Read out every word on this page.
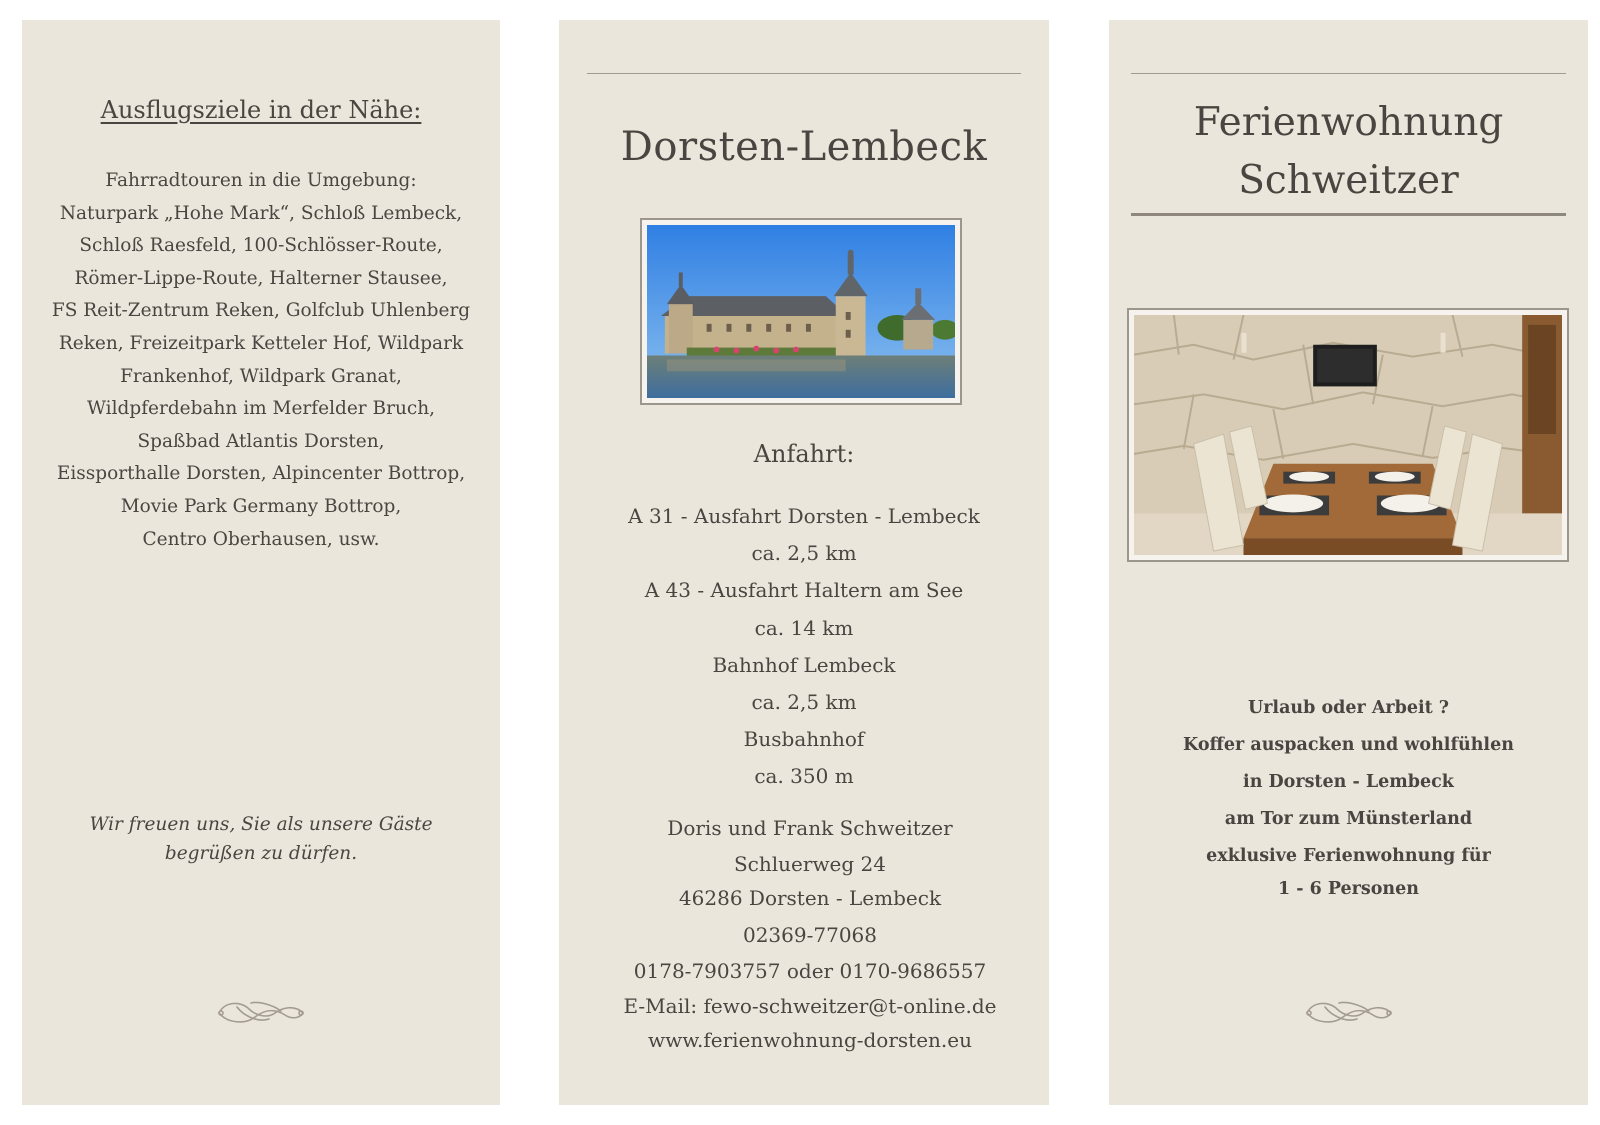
Ausflugsziele in der Nähe:
Fahrradtouren in die Umgebung:
Naturpark „Hohe Mark“, Schloß Lembeck,
Schloß Raesfeld, 100-Schlösser-Route,
Römer-Lippe-Route, Halterner Stausee,
FS Reit-Zentrum Reken, Golfclub Uhlenberg
Reken, Freizeitpark Ketteler Hof, Wildpark
Frankenhof, Wildpark Granat,
Wildpferdebahn im Merfelder Bruch,
Spaßbad Atlantis Dorsten,
Eissporthalle Dorsten, Alpincenter Bottrop,
Movie Park Germany Bottrop,
Centro Oberhausen, usw.
Wir freuen uns, Sie als unsere Gäste
begrüßen zu dürfen.
Dorsten-Lembeck
Anfahrt:
A 31 - Ausfahrt Dorsten - Lembeck
ca. 2,5 km
A 43 - Ausfahrt Haltern am See
ca. 14 km
Bahnhof Lembeck
ca. 2,5 km
Busbahnhof
ca. 350 m
Doris und Frank Schweitzer
Schluerweg 24
46286 Dorsten - Lembeck
02369-77068
0178-7903757 oder 0170-9686557
E-Mail: fewo-schweitzer@t-online.de
www.ferienwohnung-dorsten.eu
Ferienwohnung
Schweitzer
Urlaub oder Arbeit ?
Koffer auspacken und wohlfühlen
in Dorsten - Lembeck
am Tor zum Münsterland
exklusive Ferienwohnung für
1 - 6 Personen
